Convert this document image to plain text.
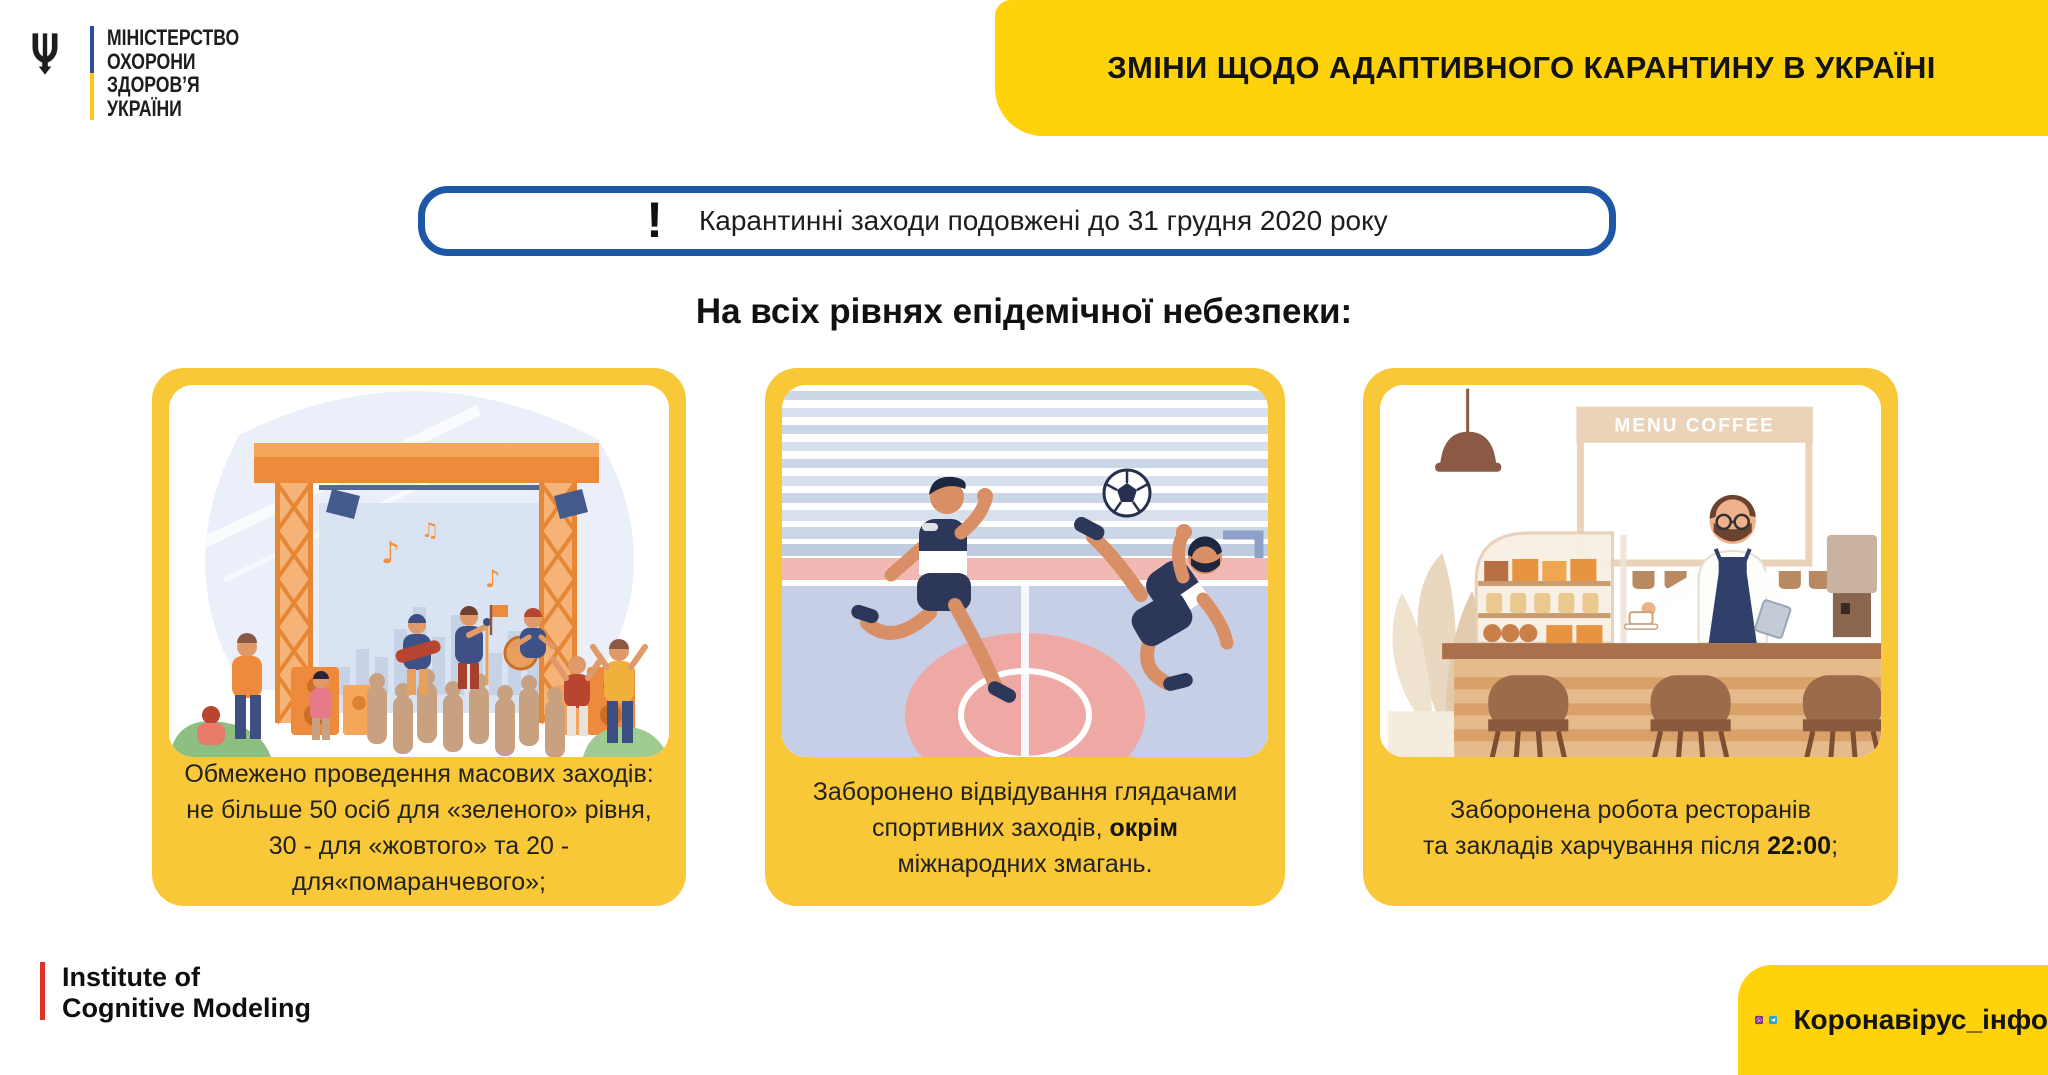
МІНІСТЕРСТВО
ОХОРОНИ
ЗДОРОВ’Я
УКРАЇНИ
ЗМІНИ ЩОДО АДАПТИВНОГО КАРАНТИНУ В УКРАЇНІ
! Карантинні заходи подовжені до 31 грудня 2020 року
На всіх рівнях епідемічної небезпеки:
♪
♪
♫
Обмежено проведення масових заходів:
не більше 50 осіб для «зеленого» рівня,
30 - для «жовтого» та 20 - для«помаранчевого»;
Заборонено відвідування глядачами
спортивних заходів, окрім
міжнародних змагань.
MENU COFFEE
Заборонена робота ресторанів
та закладів харчування після 22:00;
Institute of
Cognitive Modeling	Коронавірус_інфо
